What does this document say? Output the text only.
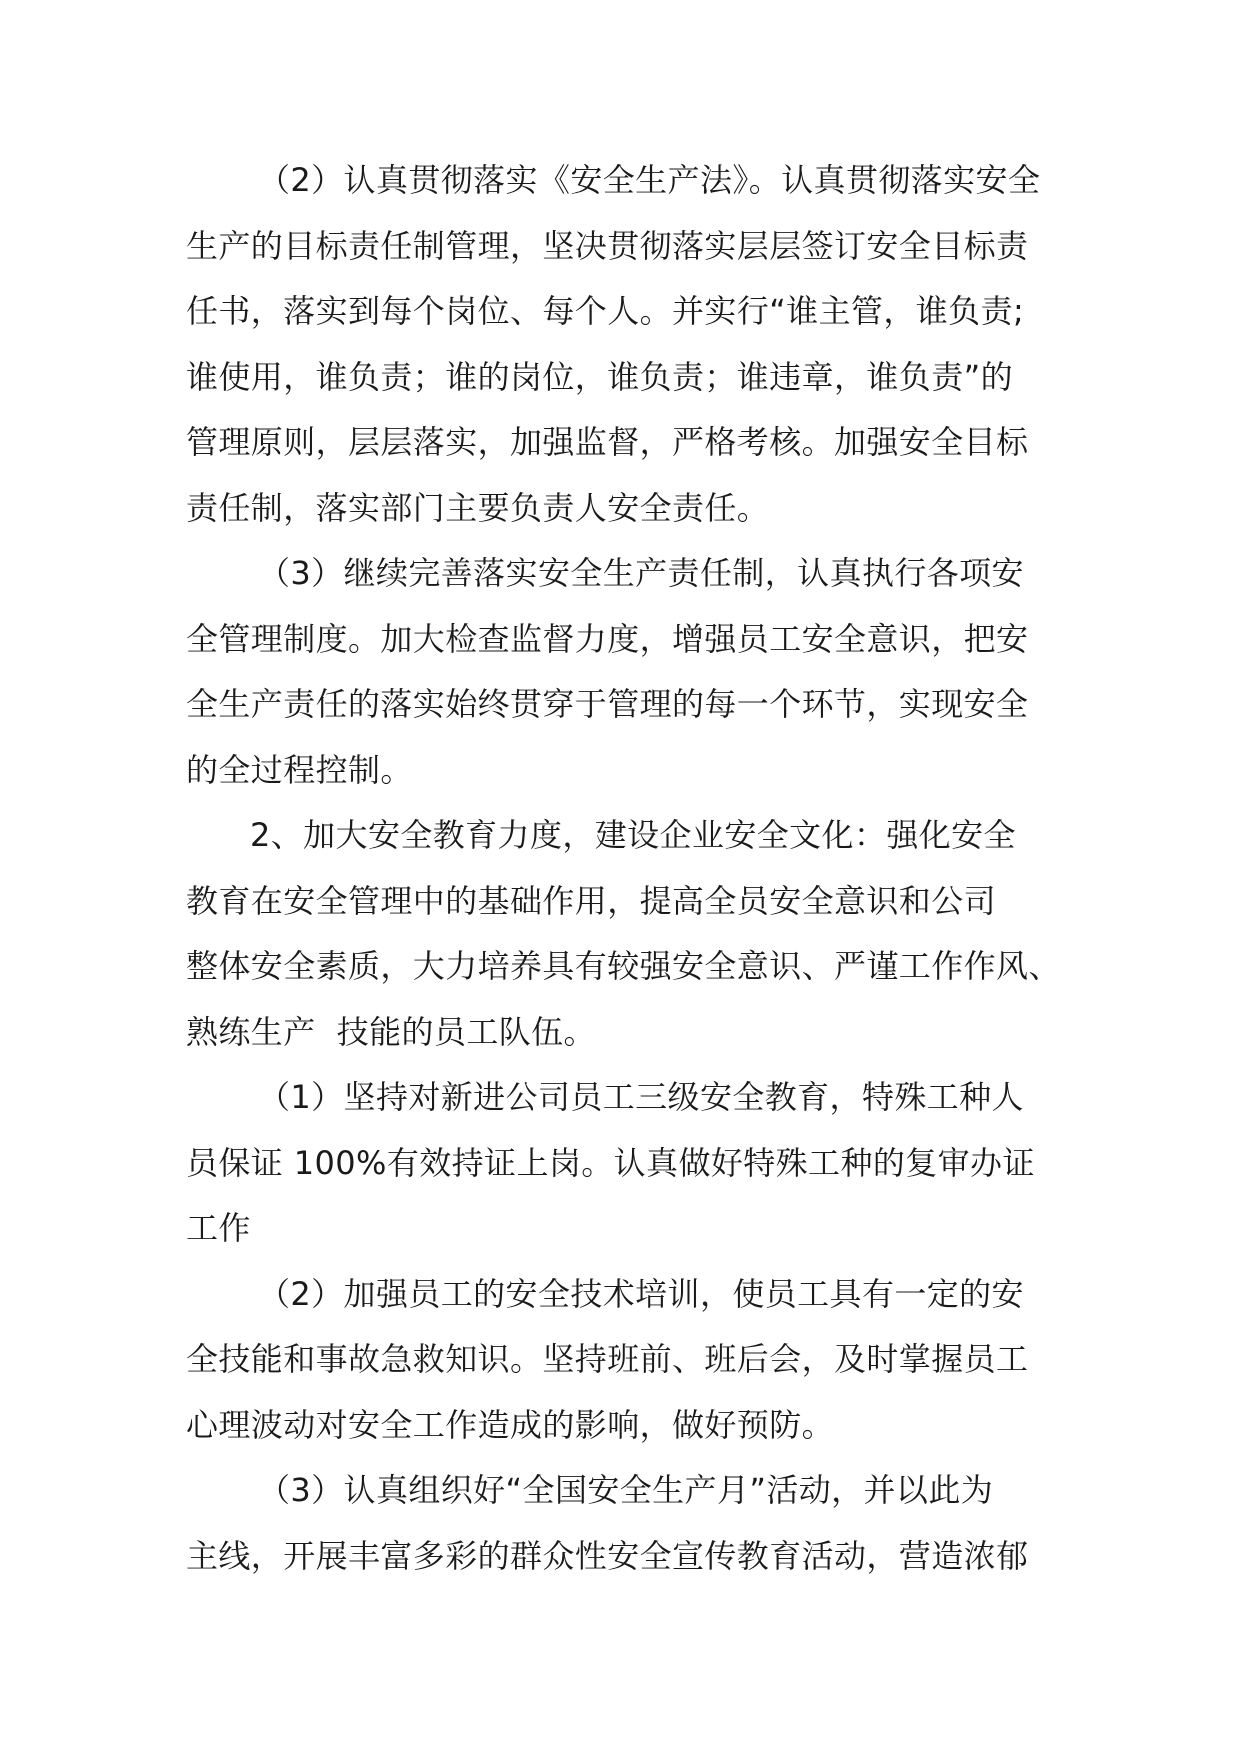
（2）认真贯彻落实《安全生产法》。认真贯彻落实安全
生产的目标责任制管理，坚决贯彻落实层层签订安全目标责
任书，落实到每个岗位、每个人。并实行“谁主管，谁负责;
谁使用，谁负责；谁的岗位，谁负责；谁违章，谁负责”的
管理原则，层层落实，加强监督，严格考核。加强安全目标
责任制，落实部门主要负责人安全责任。
（3）继续完善落实安全生产责任制，认真执行各项安
全管理制度。加大检查监督力度，增强员工安全意识，把安
全生产责任的落实始终贯穿于管理的每一个环节，实现安全
的全过程控制。
2、加大安全教育力度，建设企业安全文化：强化安全
教育在安全管理中的基础作用，提高全员安全意识和公司
整体安全素质，大力培养具有较强安全意识、严谨工作作风、
熟练生产  技能的员工队伍。
（1）坚持对新进公司员工三级安全教育，特殊工种人
员保证 100%有效持证上岗。认真做好特殊工种的复审办证
工作
（2）加强员工的安全技术培训，使员工具有一定的安
全技能和事故急救知识。坚持班前、班后会，及时掌握员工
心理波动对安全工作造成的影响，做好预防。
（3）认真组织好“全国安全生产月”活动，并以此为
主线，开展丰富多彩的群众性安全宣传教育活动，营造浓郁
